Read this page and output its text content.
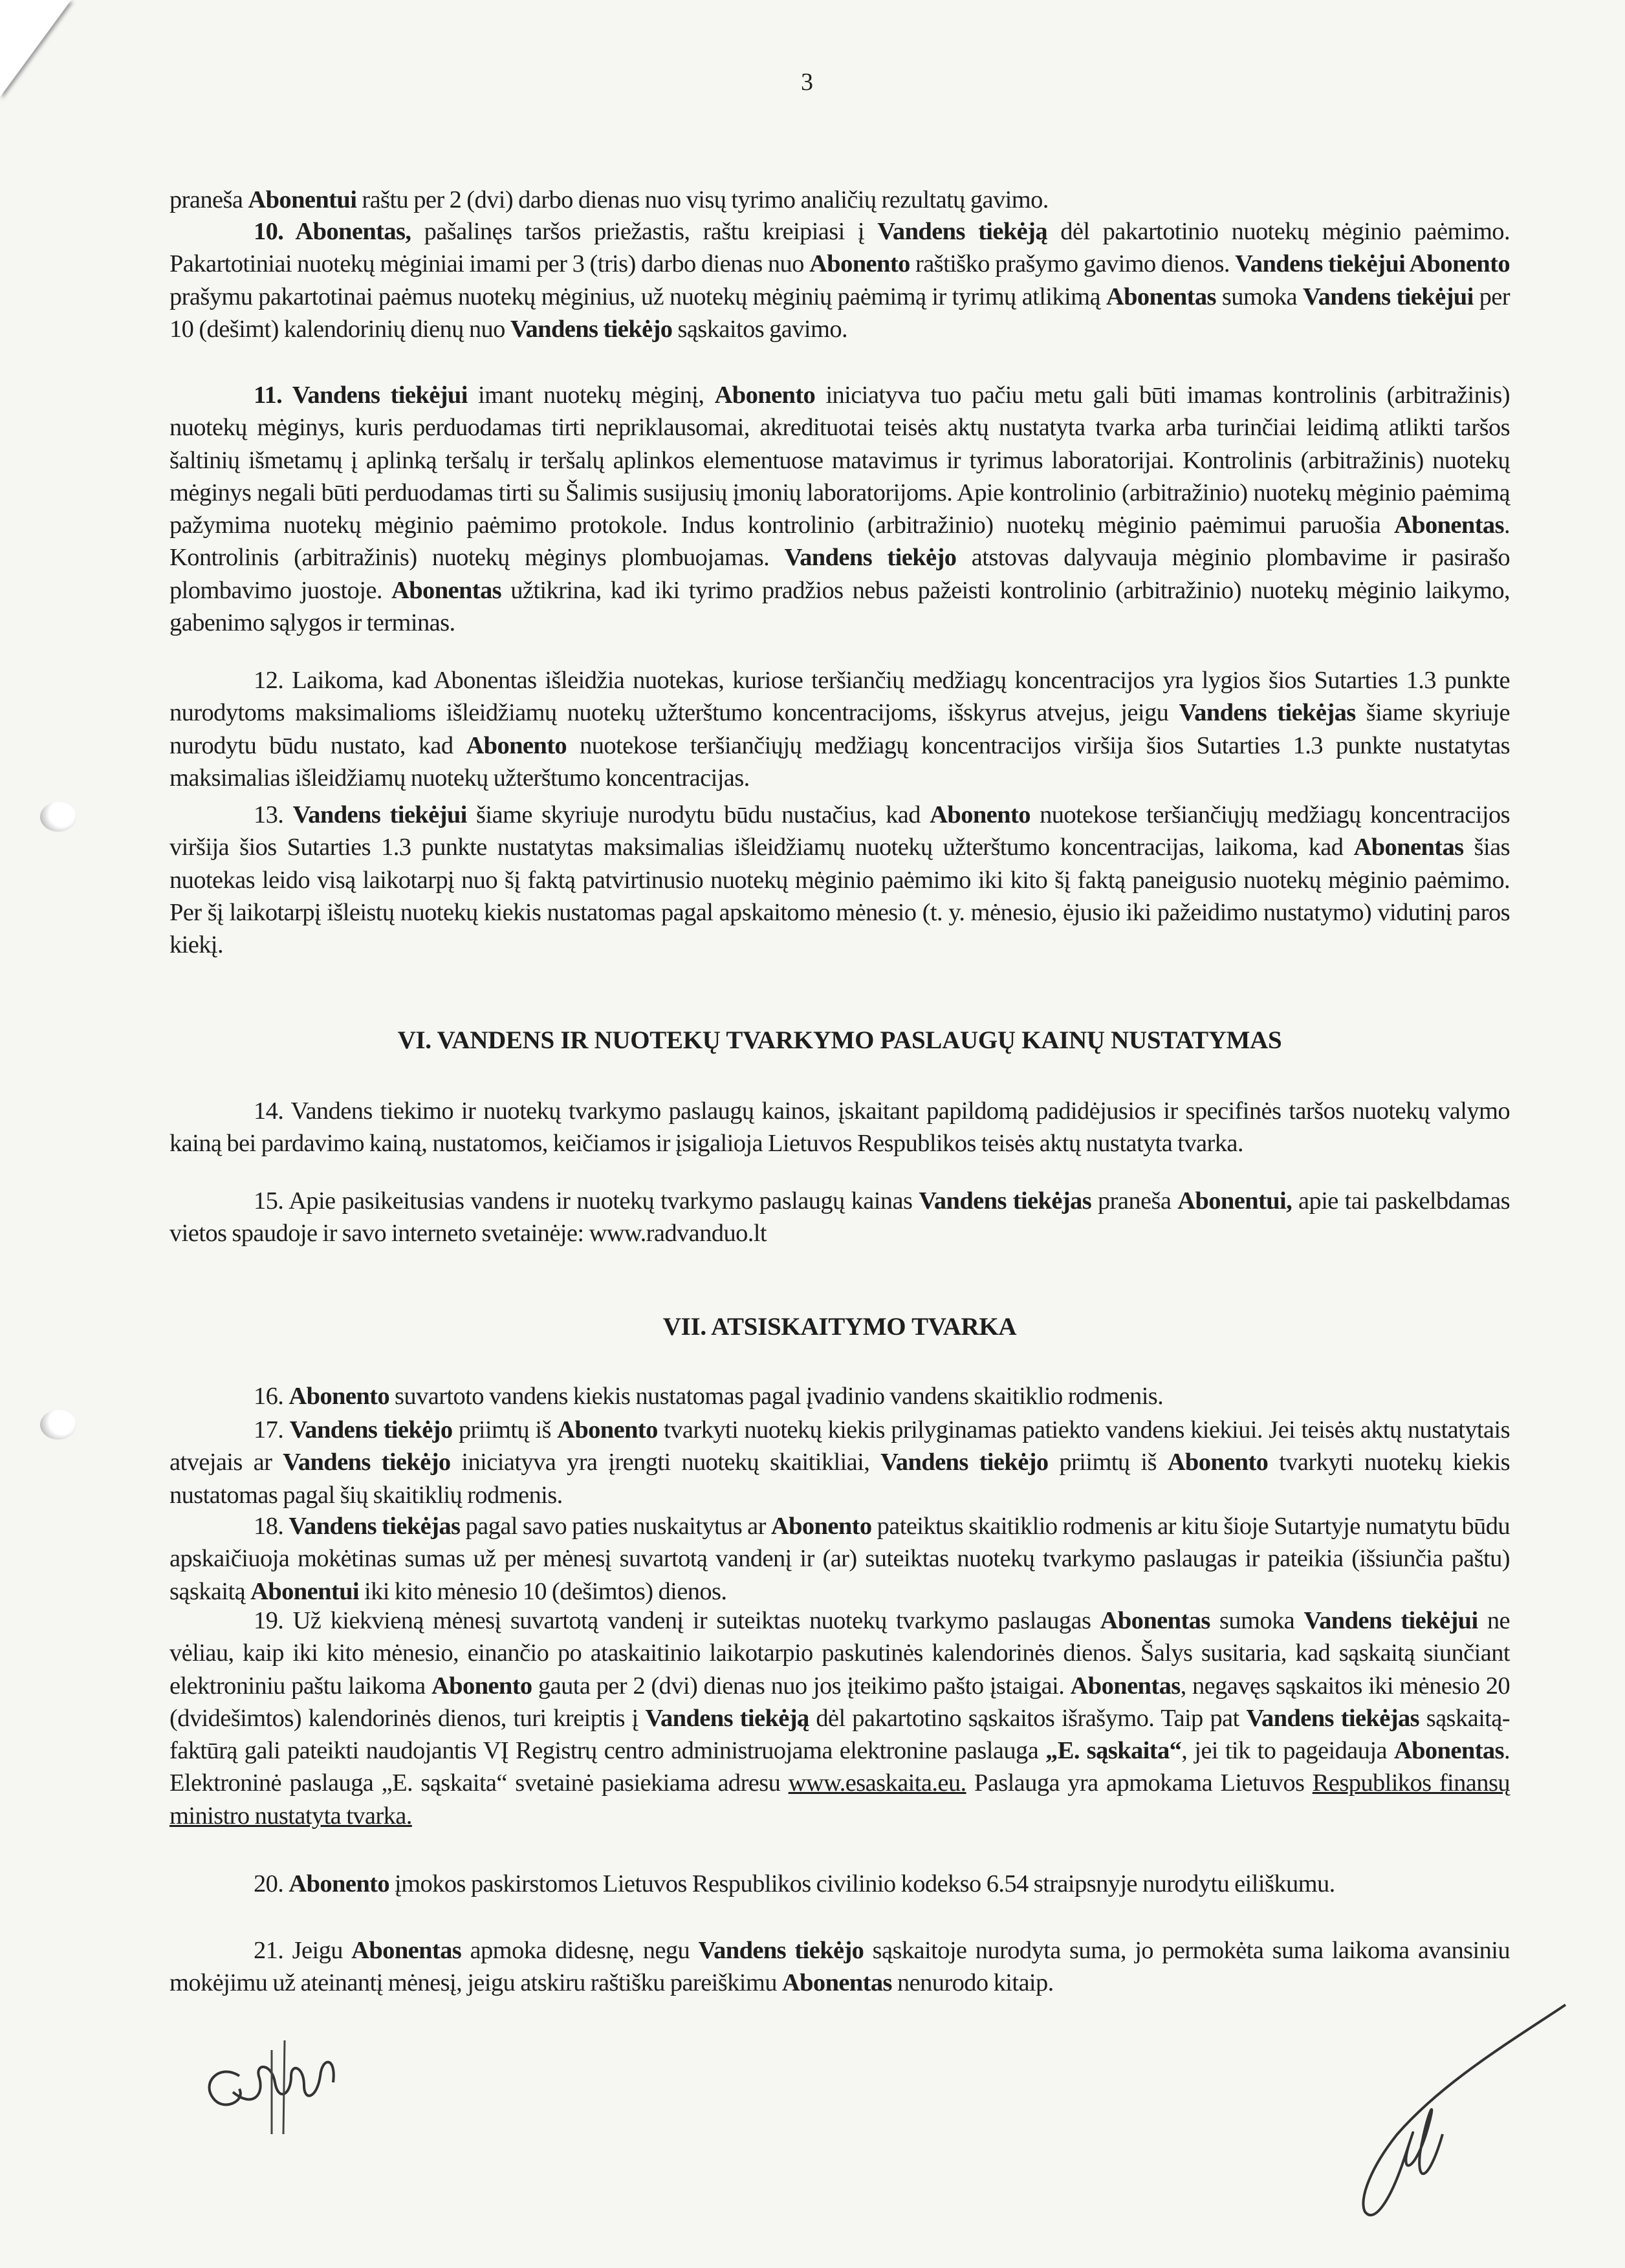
3
praneša Abonentui raštu per 2 (dvi) darbo dienas nuo visų tyrimo analičių rezultatų gavimo.
10. Abonentas, pašalinęs taršos priežastis, raštu kreipiasi į Vandens tiekėją dėl pakartotinio nuotekų mėginio paėmimo. Pakartotiniai nuotekų mėginiai imami per 3 (tris) darbo dienas nuo Abonento raštiško prašymo gavimo dienos. Vandens tiekėjui Abonento prašymu pakartotinai paėmus nuotekų mėginius, už nuotekų mėginių paėmimą ir tyrimų atlikimą Abonentas sumoka Vandens tiekėjui per 10 (dešimt) kalendorinių dienų nuo Vandens tiekėjo sąskaitos gavimo.
11. Vandens tiekėjui imant nuotekų mėginį, Abonento iniciatyva tuo pačiu metu gali būti imamas kontrolinis (arbitražinis) nuotekų mėginys, kuris perduodamas tirti nepriklausomai, akredituotai teisės aktų nustatyta tvarka arba turinčiai leidimą atlikti taršos šaltinių išmetamų į aplinką teršalų ir teršalų aplinkos elementuose matavimus ir tyrimus laboratorijai. Kontrolinis (arbitražinis) nuotekų mėginys negali būti perduodamas tirti su Šalimis susijusių įmonių laboratorijoms. Apie kontrolinio (arbitražinio) nuotekų mėginio paėmimą pažymima nuotekų mėginio paėmimo protokole. Indus kontrolinio (arbitražinio) nuotekų mėginio paėmimui paruošia Abonentas. Kontrolinis (arbitražinis) nuotekų mėginys plombuojamas. Vandens tiekėjo atstovas dalyvauja mėginio plombavime ir pasirašo plombavimo juostoje. Abonentas užtikrina, kad iki tyrimo pradžios nebus pažeisti kontrolinio (arbitražinio) nuotekų mėginio laikymo, gabenimo sąlygos ir terminas.
12. Laikoma, kad Abonentas išleidžia nuotekas, kuriose teršiančių medžiagų koncentracijos yra lygios šios Sutarties 1.3 punkte nurodytoms maksimalioms išleidžiamų nuotekų užterštumo koncentracijoms, išskyrus atvejus, jeigu Vandens tiekėjas šiame skyriuje nurodytu būdu nustato, kad Abonento nuotekose teršiančiųjų medžiagų koncentracijos viršija šios Sutarties 1.3 punkte nustatytas maksimalias išleidžiamų nuotekų užterštumo koncentracijas.
13. Vandens tiekėjui šiame skyriuje nurodytu būdu nustačius, kad Abonento nuotekose teršiančiųjų medžiagų koncentracijos viršija šios Sutarties 1.3 punkte nustatytas maksimalias išleidžiamų nuotekų užterštumo koncentracijas, laikoma, kad Abonentas šias nuotekas leido visą laikotarpį nuo šį faktą patvirtinusio nuotekų mėginio paėmimo iki kito šį faktą paneigusio nuotekų mėginio paėmimo. Per šį laikotarpį išleistų nuotekų kiekis nustatomas pagal apskaitomo mėnesio (t. y. mėnesio, ėjusio iki pažeidimo nustatymo) vidutinį paros kiekį.
VI. VANDENS IR NUOTEKŲ TVARKYMO PASLAUGŲ KAINŲ NUSTATYMAS
14. Vandens tiekimo ir nuotekų tvarkymo paslaugų kainos, įskaitant papildomą padidėjusios ir specifinės taršos nuotekų valymo kainą bei pardavimo kainą, nustatomos, keičiamos ir įsigalioja Lietuvos Respublikos teisės aktų nustatyta tvarka.
15. Apie pasikeitusias vandens ir nuotekų tvarkymo paslaugų kainas Vandens tiekėjas praneša Abonentui, apie tai paskelbdamas vietos spaudoje ir savo interneto svetainėje: www.radvanduo.lt
VII. ATSISKAITYMO TVARKA
16. Abonento suvartoto vandens kiekis nustatomas pagal įvadinio vandens skaitiklio rodmenis.
17. Vandens tiekėjo priimtų iš Abonento tvarkyti nuotekų kiekis prilyginamas patiekto vandens kiekiui. Jei teisės aktų nustatytais atvejais ar Vandens tiekėjo iniciatyva yra įrengti nuotekų skaitikliai, Vandens tiekėjo priimtų iš Abonento tvarkyti nuotekų kiekis nustatomas pagal šių skaitiklių rodmenis.
18. Vandens tiekėjas pagal savo paties nuskaitytus ar Abonento pateiktus skaitiklio rodmenis ar kitu šioje Sutartyje numatytu būdu apskaičiuoja mokėtinas sumas už per mėnesį suvartotą vandenį ir (ar) suteiktas nuotekų tvarkymo paslaugas ir pateikia (išsiunčia paštu) sąskaitą Abonentui iki kito mėnesio 10 (dešimtos) dienos.
19. Už kiekvieną mėnesį suvartotą vandenį ir suteiktas nuotekų tvarkymo paslaugas Abonentas sumoka Vandens tiekėjui ne vėliau, kaip iki kito mėnesio, einančio po ataskaitinio laikotarpio paskutinės kalendorinės dienos. Šalys susitaria, kad sąskaitą siunčiant elektroniniu paštu laikoma Abonento gauta per 2 (dvi) dienas nuo jos įteikimo pašto įstaigai. Abonentas, negavęs sąskaitos iki mėnesio 20 (dvidešimtos) kalendorinės dienos, turi kreiptis į Vandens tiekėją dėl pakartotino sąskaitos išrašymo. Taip pat Vandens tiekėjas sąskaitą-faktūrą gali pateikti naudojantis VĮ Registrų centro administruojama elektronine paslauga „E. sąskaita“, jei tik to pageidauja Abonentas. Elektroninė paslauga „E. sąskaita“ svetainė pasiekiama adresu www.esaskaita.eu. Paslauga yra apmokama Lietuvos Respublikos finansų ministro nustatyta tvarka.
20. Abonento įmokos paskirstomos Lietuvos Respublikos civilinio kodekso 6.54 straipsnyje nurodytu eiliškumu.
21. Jeigu Abonentas apmoka didesnę, negu Vandens tiekėjo sąskaitoje nurodyta suma, jo permokėta suma laikoma avansiniu mokėjimu už ateinantį mėnesį, jeigu atskiru raštišku pareiškimu Abonentas nenurodo kitaip.
